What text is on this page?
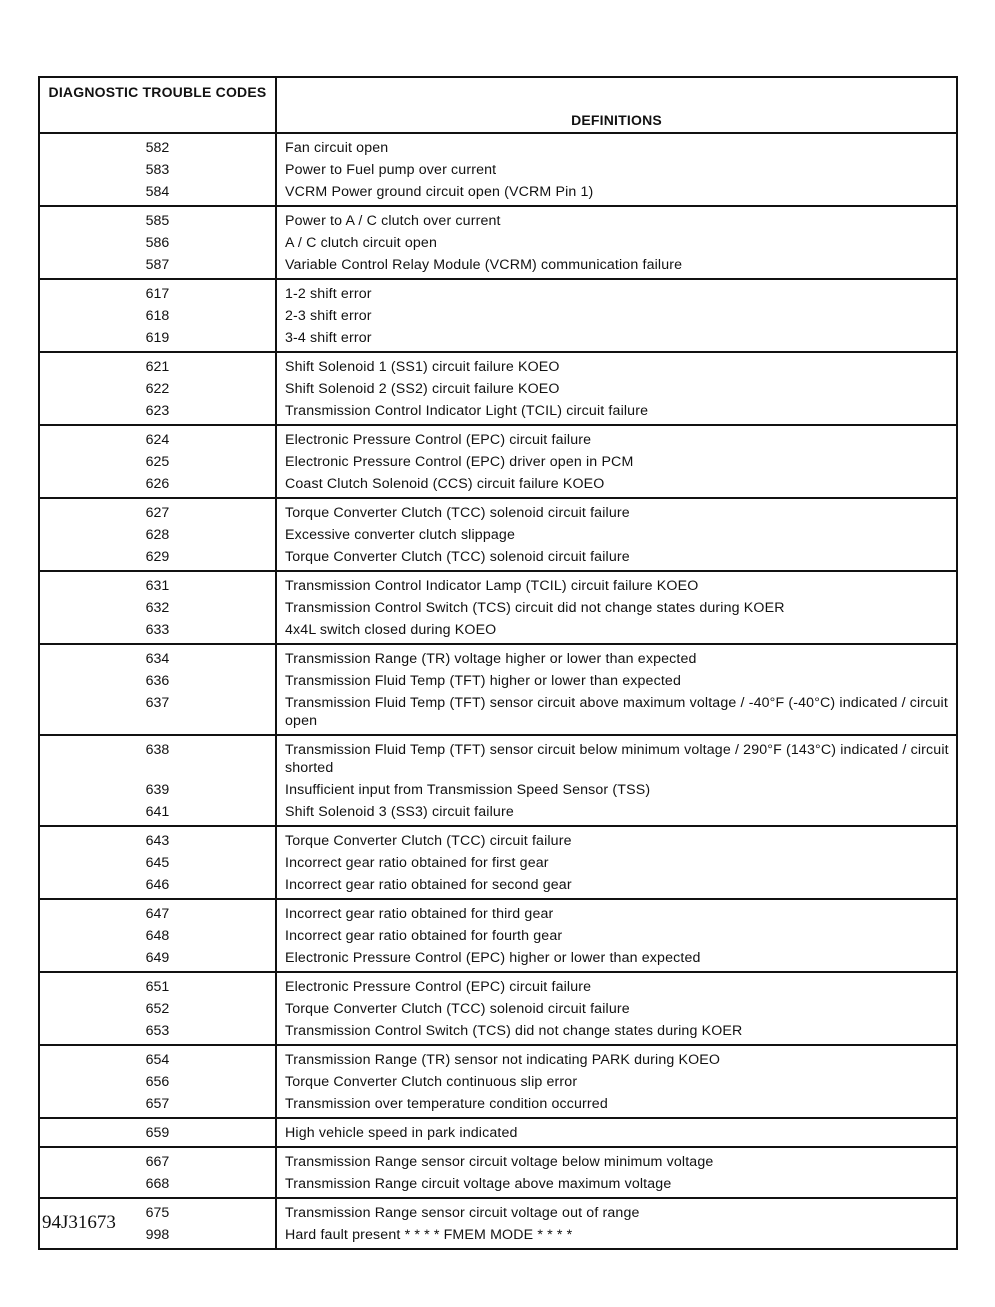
DIAGNOSTIC TROUBLE CODES	DEFINITIONS
582	Fan circuit open
583	Power to Fuel pump over current
584	VCRM Power ground circuit open (VCRM Pin 1)
585	Power to A / C clutch over current
586	A / C clutch circuit open
587	Variable Control Relay Module (VCRM) communication failure
617	1-2 shift error
618	2-3 shift error
619	3-4 shift error
621	Shift Solenoid 1 (SS1) circuit failure KOEO
622	Shift Solenoid 2 (SS2) circuit failure KOEO
623	Transmission Control Indicator Light (TCIL) circuit failure
624	Electronic Pressure Control (EPC) circuit failure
625	Electronic Pressure Control (EPC) driver open in PCM
626	Coast Clutch Solenoid (CCS) circuit failure KOEO
627	Torque Converter Clutch (TCC) solenoid circuit failure
628	Excessive converter clutch slippage
629	Torque Converter Clutch (TCC) solenoid circuit failure
631	Transmission Control Indicator Lamp (TCIL) circuit failure KOEO
632	Transmission Control Switch (TCS) circuit did not change states during KOER
633	4x4L switch closed during KOEO
634	Transmission Range (TR) voltage higher or lower than expected
636	Transmission Fluid Temp (TFT) higher or lower than expected
637	Transmission Fluid Temp (TFT) sensor circuit above maximum voltage / -40°F (-40°C) indicated / circuit open
638	Transmission Fluid Temp (TFT) sensor circuit below minimum voltage / 290°F (143°C) indicated / circuit shorted
639	Insufficient input from Transmission Speed Sensor (TSS)
641	Shift Solenoid 3 (SS3) circuit failure
643	Torque Converter Clutch (TCC) circuit failure
645	Incorrect gear ratio obtained for first gear
646	Incorrect gear ratio obtained for second gear
647	Incorrect gear ratio obtained for third gear
648	Incorrect gear ratio obtained for fourth gear
649	Electronic Pressure Control (EPC) higher or lower than expected
651	Electronic Pressure Control (EPC) circuit failure
652	Torque Converter Clutch (TCC) solenoid circuit failure
653	Transmission Control Switch (TCS) did not change states during KOER
654	Transmission Range (TR) sensor not indicating PARK during KOEO
656	Torque Converter Clutch continuous slip error
657	Transmission over temperature condition occurred
659	High vehicle speed in park indicated
667	Transmission Range sensor circuit voltage below minimum voltage
668	Transmission Range circuit voltage above maximum voltage
675	Transmission Range sensor circuit voltage out of range
998	Hard fault present * * * * FMEM MODE * * * *
94J31673
